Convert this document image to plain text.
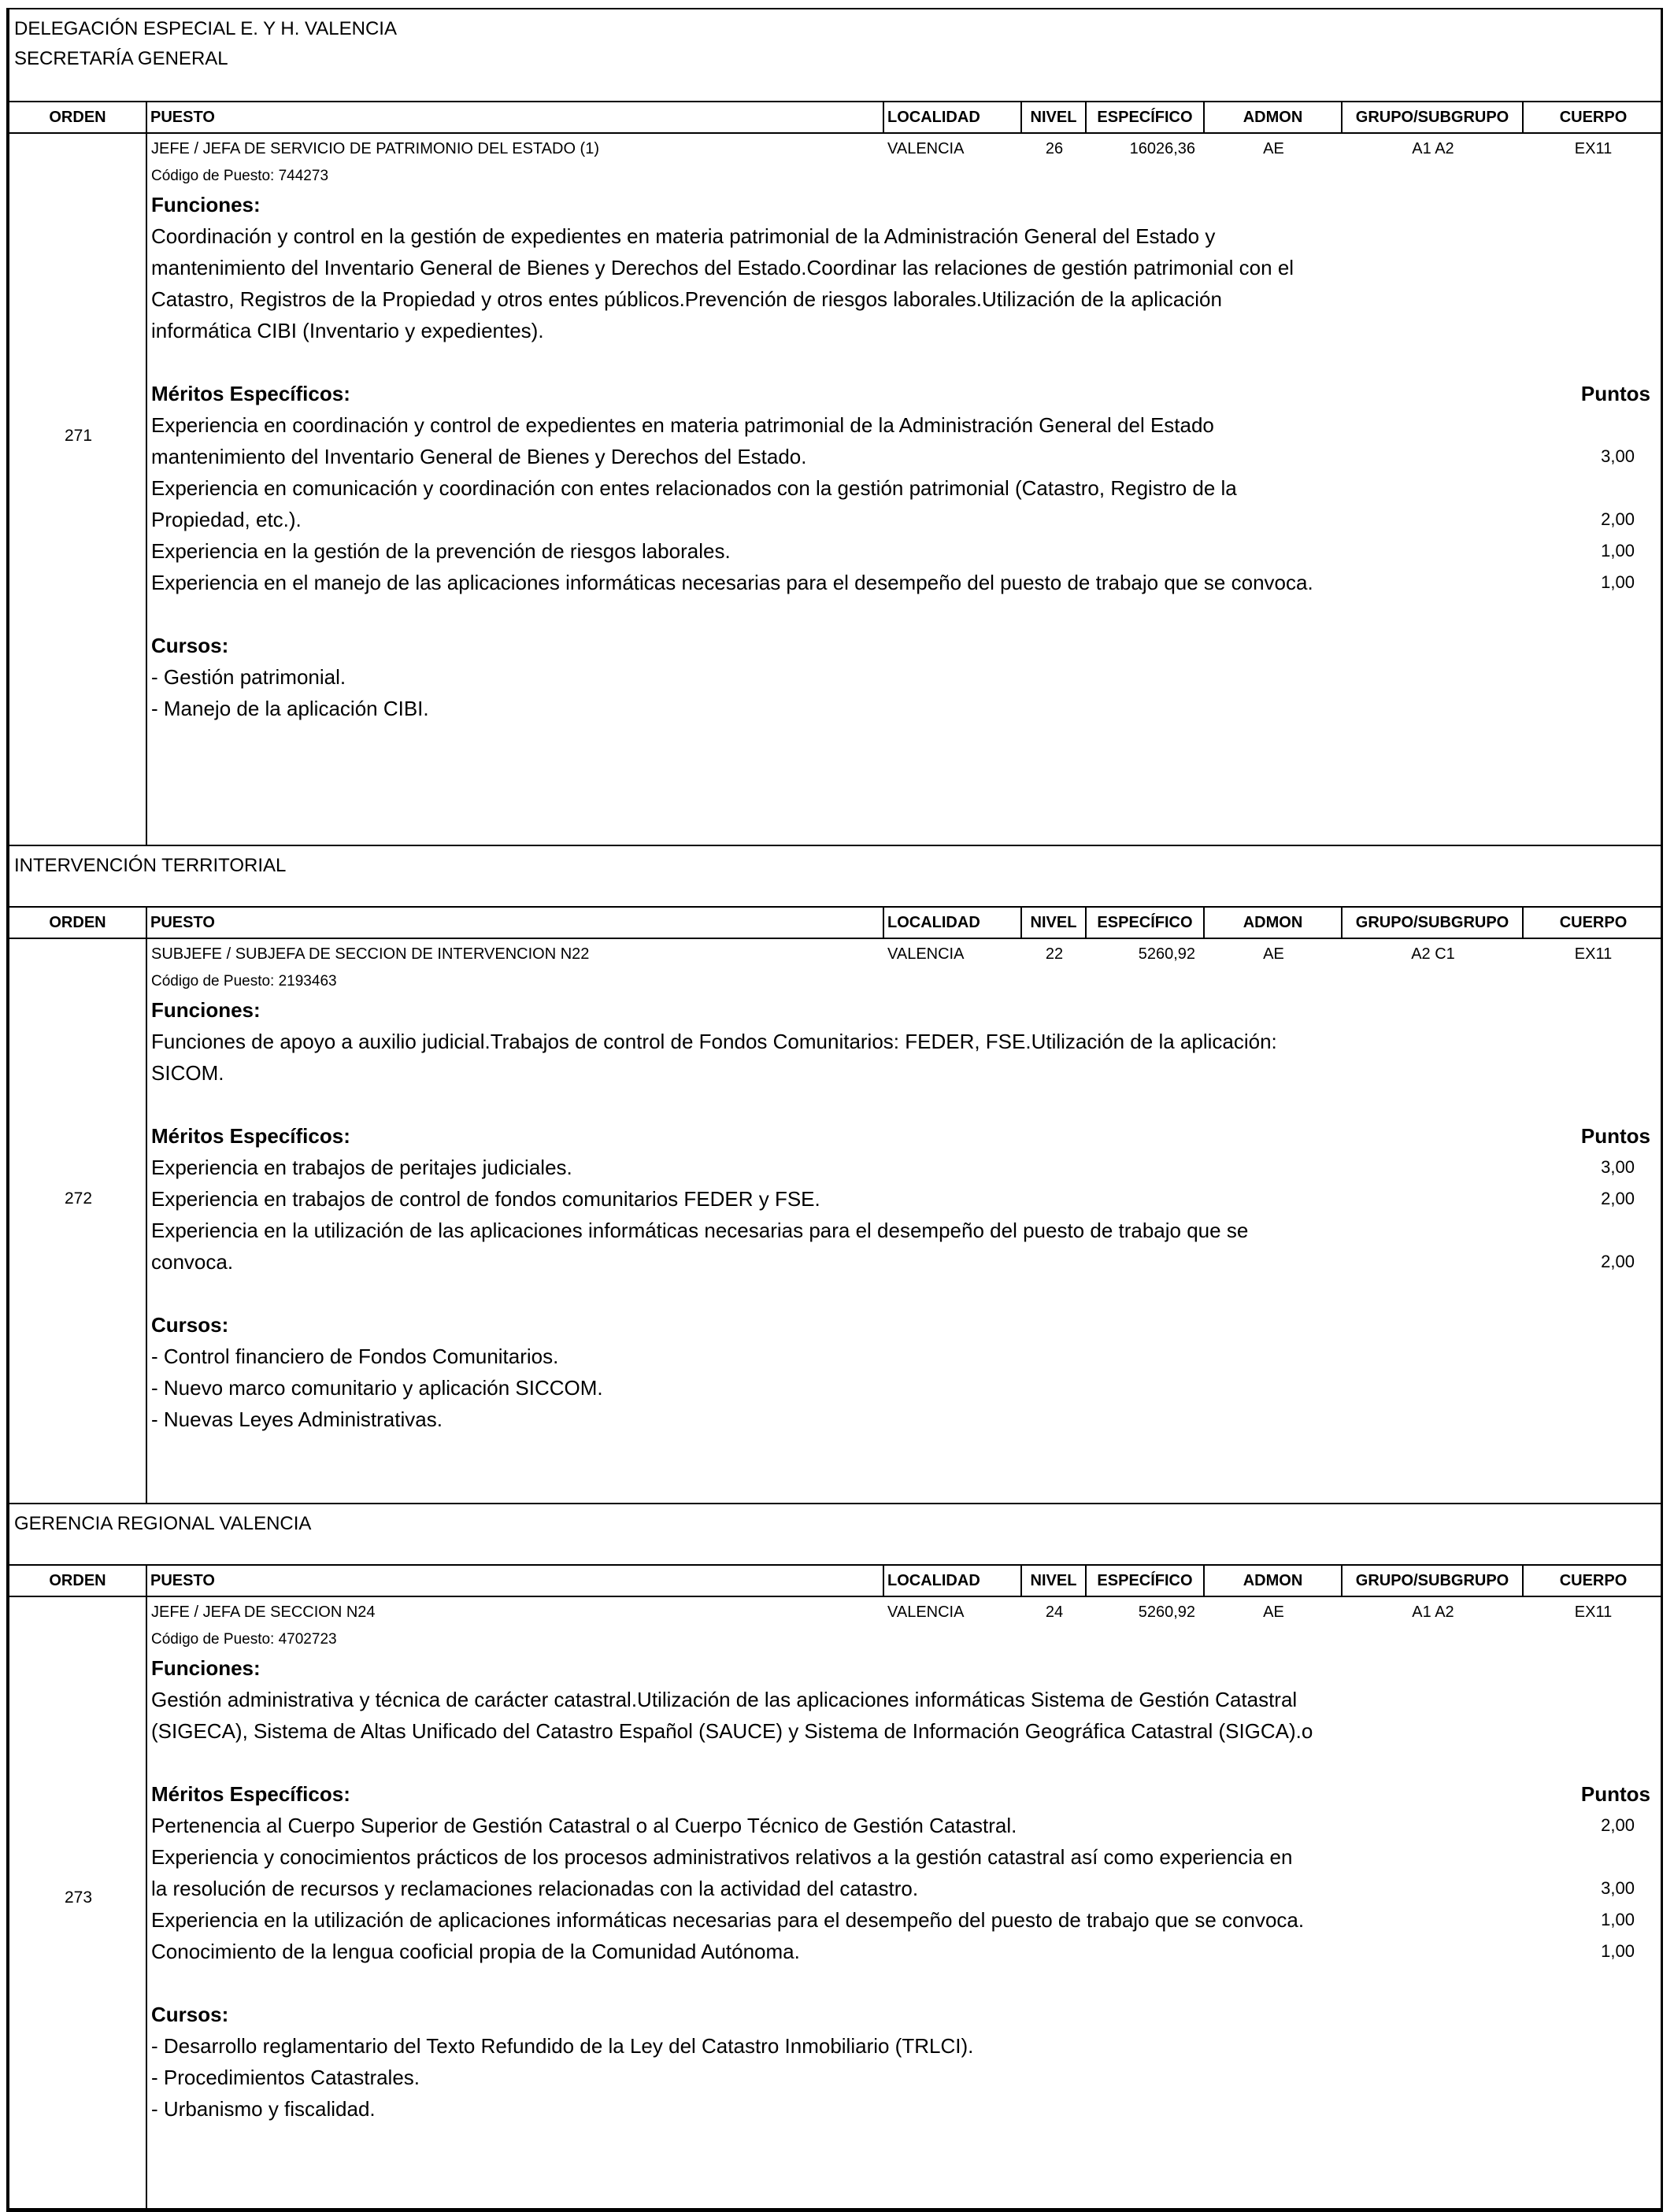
DELEGACIÓN ESPECIAL E. Y H. VALENCIA
SECRETARÍA GENERAL
ORDEN	PUESTO	LOCALIDAD	NIVEL	ESPECÍFICO	ADMON	GRUPO/SUBGRUPO	CUERPO
271
JEFE / JEFA DE SERVICIO DE PATRIMONIO DEL ESTADO (1)	VALENCIA	26	16026,36	AE	A1 A2	EX11
Código de Puesto: 744273
Funciones:
Coordinación y control en la gestión de expedientes en materia patrimonial de la Administración General del Estado y
mantenimiento del Inventario General de Bienes y Derechos del Estado.Coordinar las relaciones de gestión patrimonial con el
Catastro, Registros de la Propiedad y otros entes públicos.Prevención de riesgos laborales.Utilización de la aplicación
informática CIBI (Inventario y expedientes).
Méritos Específicos:	Puntos
Experiencia en coordinación y control de expedientes en materia patrimonial de la Administración General del Estado
mantenimiento del Inventario General de Bienes y Derechos del Estado.	3,00
Experiencia en comunicación y coordinación con entes relacionados con la gestión patrimonial (Catastro, Registro de la
Propiedad, etc.).	2,00
Experiencia en la gestión de la prevención de riesgos laborales.	1,00
Experiencia en el manejo de las aplicaciones informáticas necesarias para el desempeño del puesto de trabajo que se convoca.	1,00
Cursos:
- Gestión patrimonial.
- Manejo de la aplicación CIBI.
INTERVENCIÓN TERRITORIAL
ORDEN	PUESTO	LOCALIDAD	NIVEL	ESPECÍFICO	ADMON	GRUPO/SUBGRUPO	CUERPO
272
SUBJEFE / SUBJEFA DE SECCION DE INTERVENCION N22	VALENCIA	22	5260,92	AE	A2 C1	EX11
Código de Puesto: 2193463
Funciones:
Funciones de apoyo a auxilio judicial.Trabajos de control de Fondos Comunitarios: FEDER, FSE.Utilización de la aplicación:
SICOM.
Méritos Específicos:	Puntos
Experiencia en trabajos de peritajes judiciales.	3,00
Experiencia en trabajos de control de fondos comunitarios FEDER y FSE.	2,00
Experiencia en la utilización de las aplicaciones informáticas necesarias para el desempeño del puesto de trabajo que se
convoca.	2,00
Cursos:
- Control financiero de Fondos Comunitarios.
- Nuevo marco comunitario y aplicación SICCOM.
- Nuevas Leyes Administrativas.
GERENCIA REGIONAL VALENCIA
ORDEN	PUESTO	LOCALIDAD	NIVEL	ESPECÍFICO	ADMON	GRUPO/SUBGRUPO	CUERPO
273
JEFE / JEFA DE SECCION N24	VALENCIA	24	5260,92	AE	A1 A2	EX11
Código de Puesto: 4702723
Funciones:
Gestión administrativa y técnica de carácter catastral.Utilización de las aplicaciones informáticas Sistema de Gestión Catastral
(SIGECA), Sistema de Altas Unificado del Catastro Español (SAUCE) y Sistema de Información Geográfica Catastral (SIGCA).o
Méritos Específicos:	Puntos
Pertenencia al Cuerpo Superior de Gestión Catastral o al Cuerpo Técnico de Gestión Catastral.	2,00
Experiencia y conocimientos prácticos de los procesos administrativos relativos a la gestión catastral así como experiencia en
la resolución de recursos y reclamaciones relacionadas con la actividad del catastro.	3,00
Experiencia en la utilización de aplicaciones informáticas necesarias para el desempeño del puesto de trabajo que se convoca.	1,00
Conocimiento de la lengua cooficial propia de la Comunidad Autónoma.	1,00
Cursos:
- Desarrollo reglamentario del Texto Refundido de la Ley del Catastro Inmobiliario (TRLCI).
- Procedimientos Catastrales.
- Urbanismo y fiscalidad.
